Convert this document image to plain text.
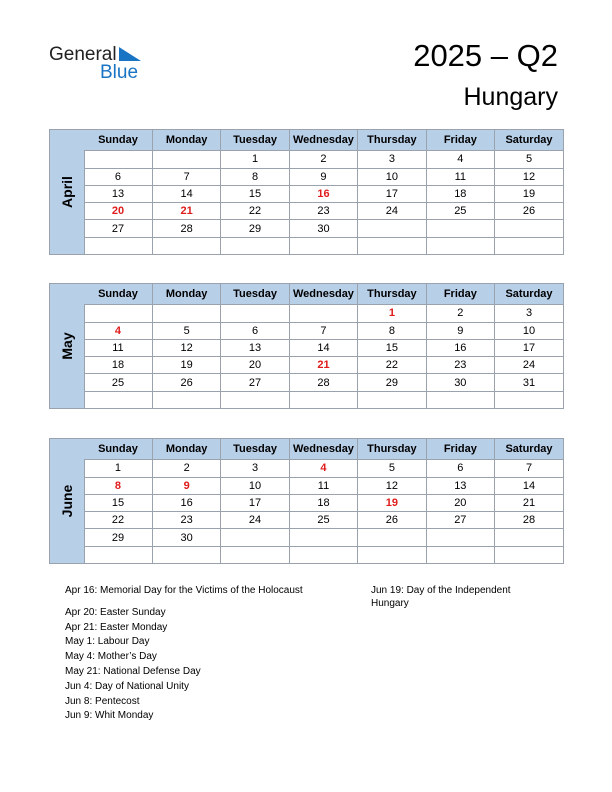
General
Blue	2025 – Q2
Hungary
April
Sunday	Monday	Tuesday	Wednesday	Thursday	Friday	Saturday
		1	2	3	4	5
6	7	8	9	10	11	12
13	14	15	16	17	18	19
20	21	22	23	24	25	26
27	28	29	30			

May
Sunday	Monday	Tuesday	Wednesday	Thursday	Friday	Saturday
				1	2	3
4	5	6	7	8	9	10
11	12	13	14	15	16	17
18	19	20	21	22	23	24
25	26	27	28	29	30	31

June
Sunday	Monday	Tuesday	Wednesday	Thursday	Friday	Saturday
1	2	3	4	5	6	7
8	9	10	11	12	13	14
15	16	17	18	19	20	21
22	23	24	25	26	27	28
29	30					

Apr 16: Memorial Day for the Victims of the Holocaust
Apr 20: Easter Sunday
Apr 21: Easter Monday
May 1: Labour Day
May 4: Mother’s Day
May 21: National Defense Day
Jun 4: Day of National Unity
Jun 8: Pentecost
Jun 9: Whit Monday
Jun 19: Day of the Independent Hungary
